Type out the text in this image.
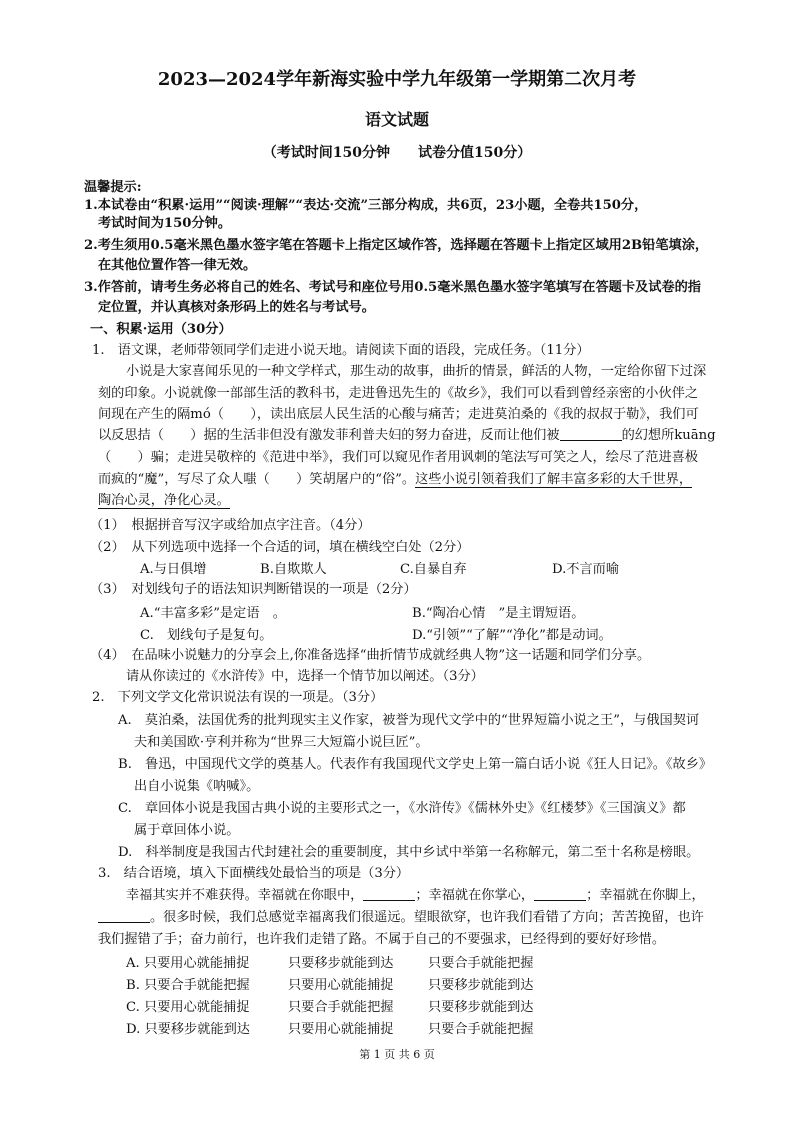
2023—2024学年新海实验中学九年级第一学期第二次月考
语文试题
（考试时间150分钟　　试卷分值150分）
温馨提示:
1.本试卷由“积累·运用”“阅读·理解”“表达·交流”三部分构成，共6页，23小题，全卷共150分，
考试时间为150分钟。
2.考生须用0.5毫米黑色墨水签字笔在答题卡上指定区域作答，选择题在答题卡上指定区域用2B铅笔填涂，
在其他位置作答一律无效。
3.作答前，请考生务必将自己的姓名、考试号和座位号用0.5毫米黑色墨水签字笔填写在答题卡及试卷的指
定位置，并认真核对条形码上的姓名与考试号。
一、积累·运用（30分）
1.　语文课，老师带领同学们走进小说天地。请阅读下面的语段，完成任务。（11分）
小说是大家喜闻乐见的一种文学样式，那生动的故事，曲折的情景，鲜活的人物，一定给你留下过深
刻的印象。小说就像一部部生活的教科书，走进鲁迅先生的《故乡》，我们可以看到曾经亲密的小伙伴之
间现在产生的隔mó（　　），读出底层人民生活的心酸与痛苦；走进莫泊桑的《我的叔叔于勒》，我们可
以反思拮（　　）据的生活非但没有激发菲利普夫妇的努力奋进，反而让他们被	的幻想所kuāng
（　　）骗；走进吴敬梓的《范进中举》，我们可以窥见作者用讽刺的笔法写可笑之人，绘尽了范进喜极
而疯的“魔”，写尽了众人嗤（　　）笑胡屠户的“俗”。这些小说引领着我们了解丰富多彩的大千世界，
陶冶心灵，净化心灵。
（1）　根据拼音写汉字或给加点字注音。（4分）
（2）　从下列选项中选择一个合适的词，填在横线空白处（2分）
A.与日俱增	B.自欺欺人	C.自暴自弃	D.不言而喻
（3）　对划线句子的语法知识判断错误的一项是（2分）
A.“丰富多彩”是定语　。	B.“陶冶心情　”是主谓短语。
C.　划线句子是复句。	D.“引领”“了解”“净化”都是动词。
（4）　在品味小说魅力的分享会上,你准备选择“曲折情节成就经典人物”这一话题和同学们分享。
请从你读过的《水浒传》中，选择一个情节加以阐述。（3分）
2.　下列文学文化常识说法有误的一项是。（3分）
A.　莫泊桑，法国优秀的批判现实主义作家，被誉为现代文学中的“世界短篇小说之王”，与俄国契诃
夫和美国欧·亨利并称为“世界三大短篇小说巨匠”。
B.　鲁迅，中国现代文学的奠基人。代表作有我国现代文学史上第一篇白话小说《狂人日记》。《故乡》
出自小说集《呐喊》。
C.　章回体小说是我国古典小说的主要形式之一，《水浒传》《儒林外史》《红楼梦》《三国演义》都
属于章回体小说。
D.　科举制度是我国古代封建社会的重要制度，其中乡试中举第一名称解元，第二至十名称是榜眼。
3.　结合语境，填入下面横线处最恰当的项是（3分）
幸福其实并不难获得。幸福就在你眼中，	；幸福就在你掌心，	；幸福就在你脚上，
。很多时候，我们总感觉幸福离我们很遥远。望眼欲穿，也许我们看错了方向；苦苦挽留，也许
我们握错了手；奋力前行，也许我们走错了路。不属于自己的不要强求，已经得到的要好好珍惜。
A. 只要用心就能捕捉	只要移步就能到达	只要合手就能把握
B. 只要合手就能把握	只要用心就能捕捉	只要移步就能到达
C. 只要用心就能捕捉	只要合手就能把握	只要移步就能到达
D. 只要移步就能到达	只要用心就能捕捉	只要合手就能把握
第 1 页 共 6 页
